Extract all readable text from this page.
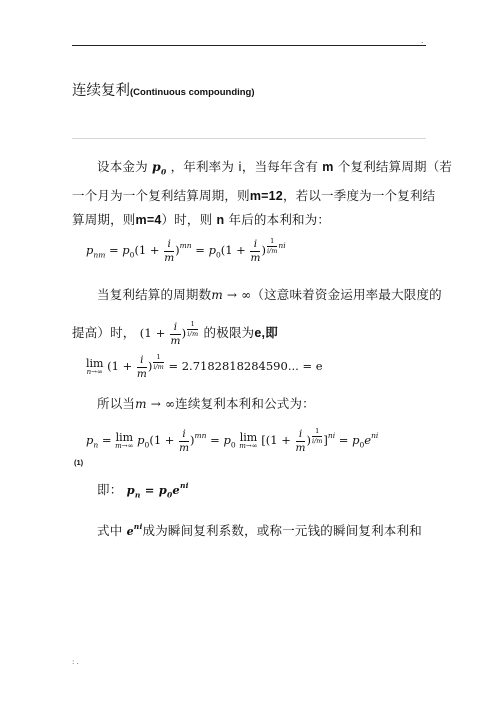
.
连续复利(Continuous compounding)
设本金为 $p_0$ ，年利率为 i，当每年含有 m 个复利结算周期（若
一个月为一个复利结算周期，则m=12，若以一季度为一个复利结
算周期，则m=4）时，则 n 年后的本利和为：
$p_{nm} = p_0(1 + \frac{i}{m} )^{mn} = p_0(1 + \frac{i}{m}$ ) $^{\frac{1}{i/m} ni}$
当复利结算的周期数m → ∞（这意味着资金运用率最大限度的
提高）时， ($1 + \frac{i}{m}$ ) $^{\frac{1}{i/m}}$ 的极限为e,即
lim
n→∞ ($1 + \frac{i}{m}$ ) $^{\frac{1}{i/m}}$ = 2.7182818284590... = e
所以当m → ∞连续复利本利和公式为：
$p_n = \lim$
m→∞ $p_0(1 + \frac{i}{m} )^{mn} = p_0$
lim
m→∞ [($1 + \frac{i}{m}$ ) $^{\frac{1}{i/m}}$ ]$^{ni} = p_0e^{ni}$
(1)
即： $p_n = p_0e^{ni}$
式中 $e^{ni}$成为瞬间复利系数，或称一元钱的瞬间复利本利和
: .
